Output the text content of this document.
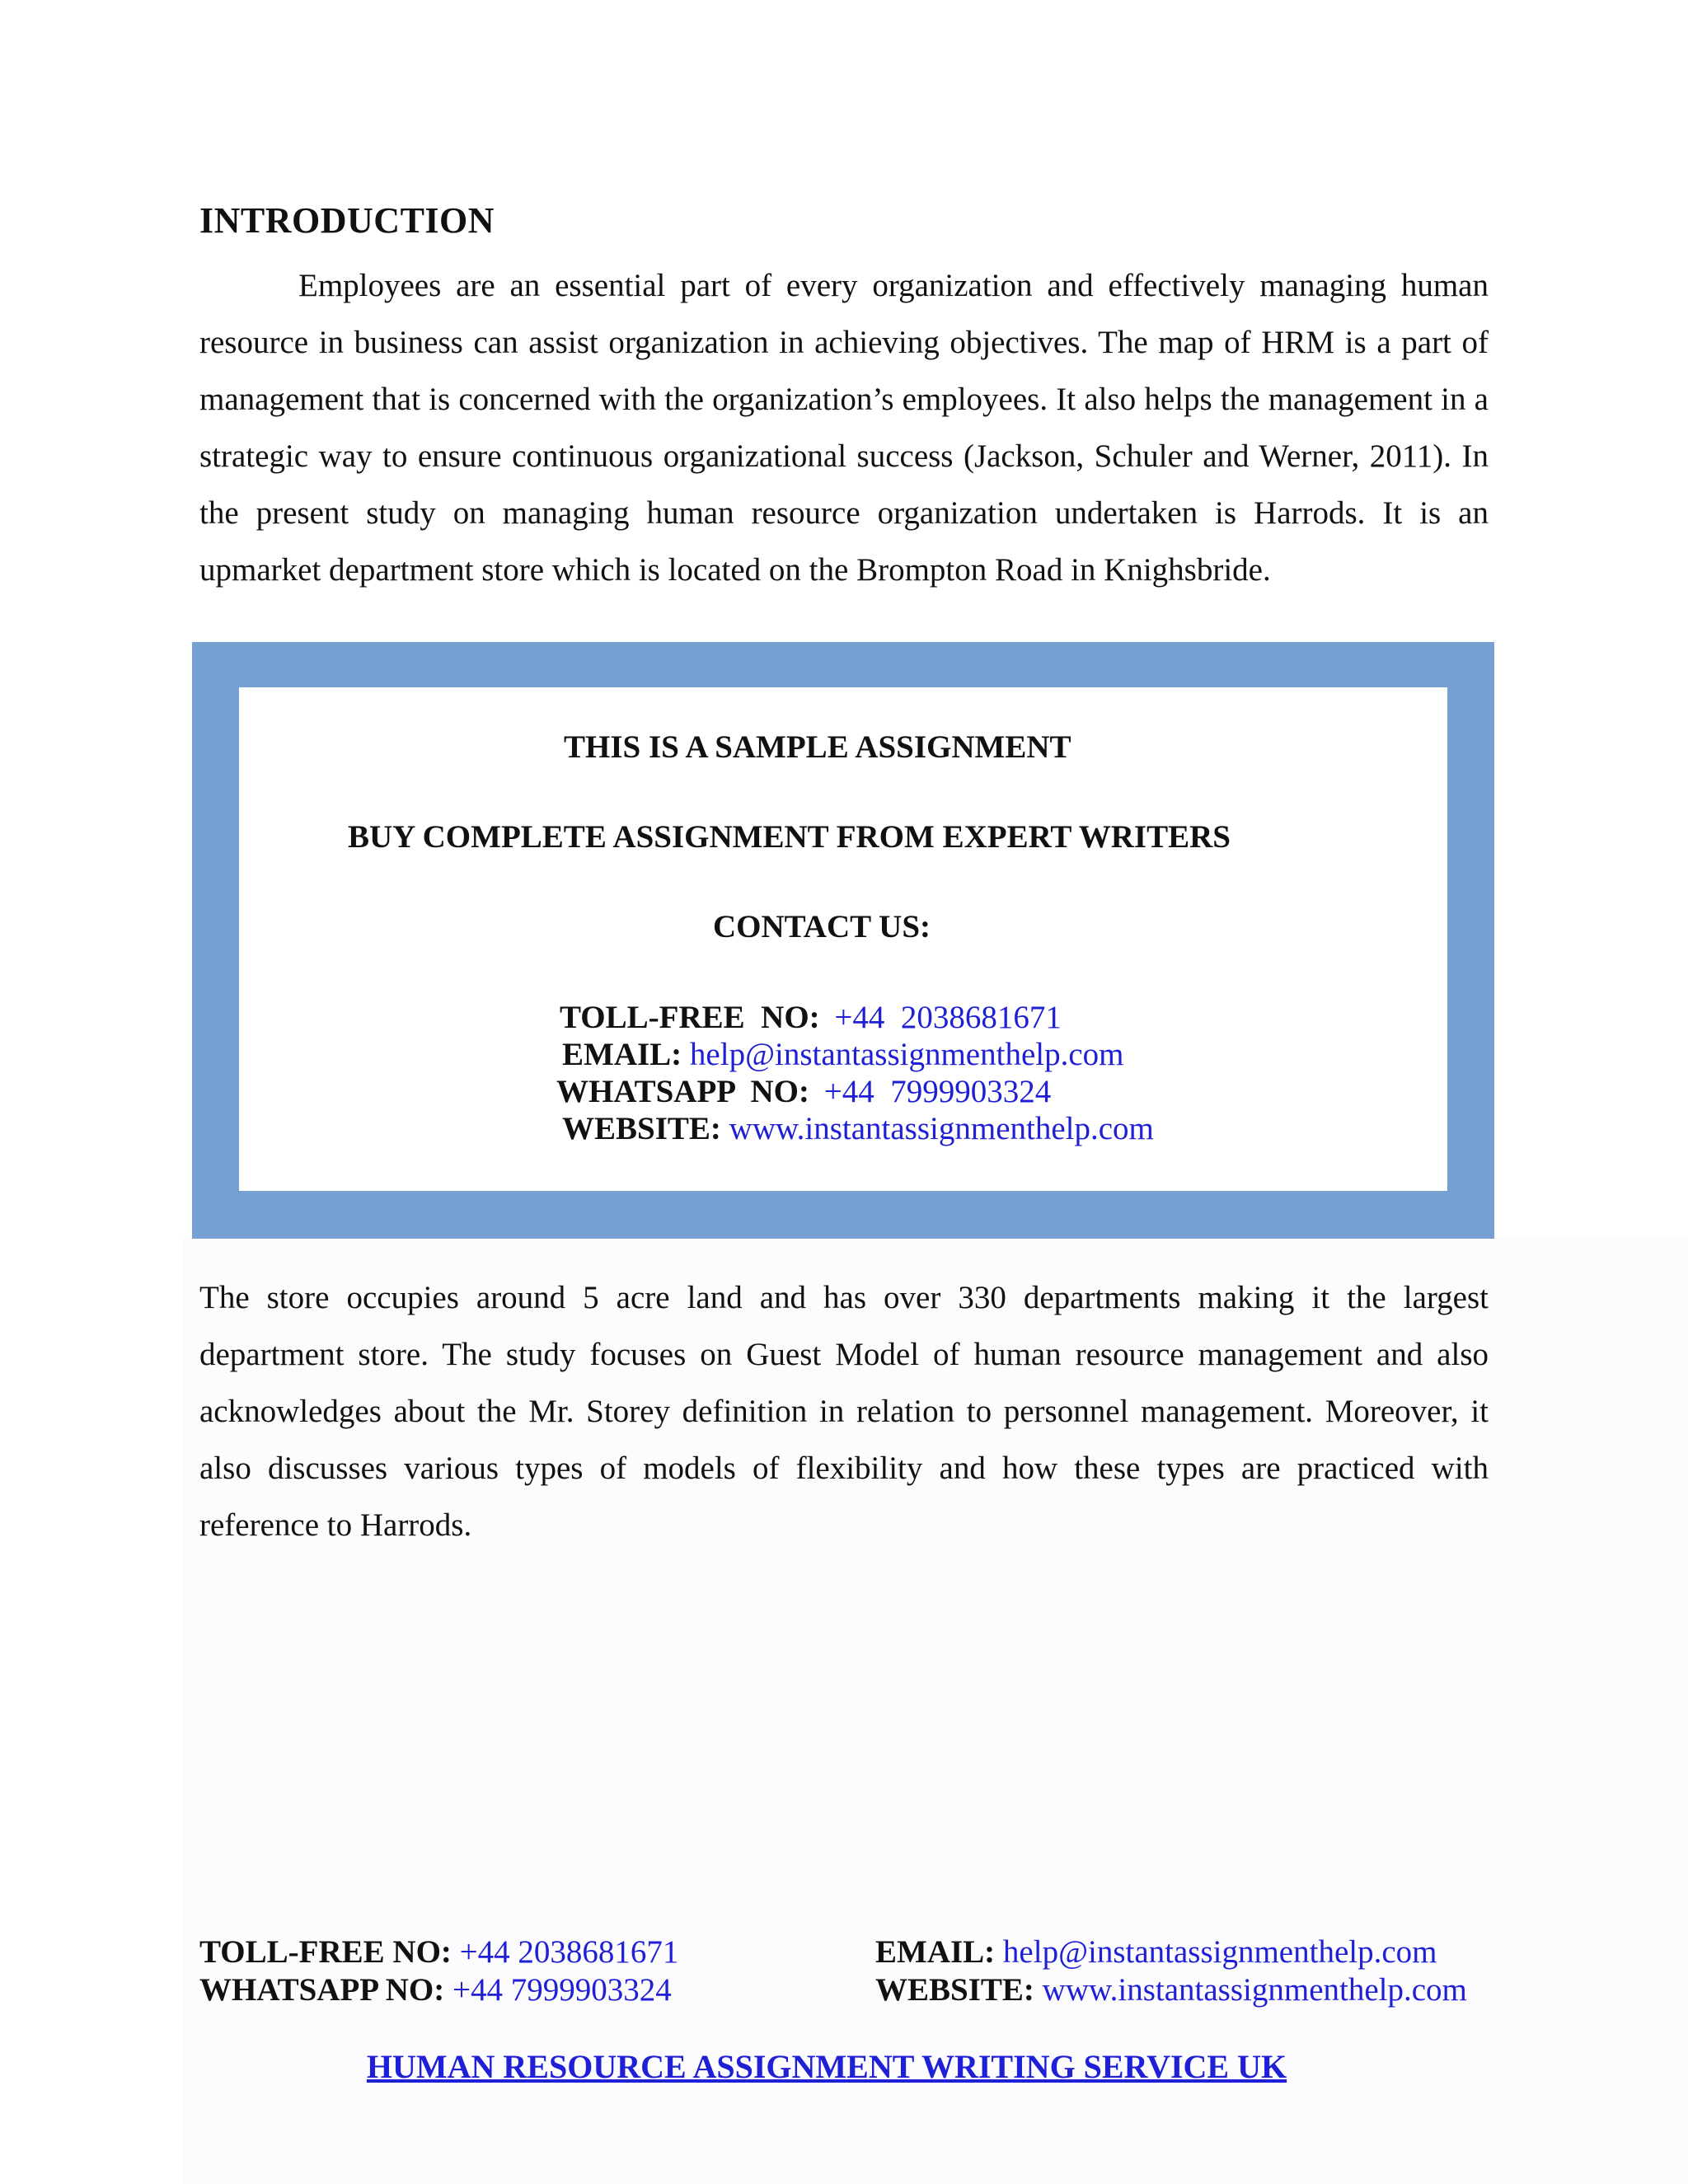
INTRODUCTION

Employees are an essential part of every organization and effectively managing human resource in business can assist organization in achieving objectives. The map of HRM is a part of management that is concerned with the organization’s employees. It also helps the management in a strategic way to ensure continuous organizational success (Jackson, Schuler and Werner, 2011). In the present study on managing human resource organization undertaken is Harrods. It is an upmarket department store which is located on the Brompton Road in Knighsbride.

THIS IS A SAMPLE ASSIGNMENT
BUY COMPLETE ASSIGNMENT FROM EXPERT WRITERS
CONTACT US:
TOLL-FREE  NO: +44  2038681671
EMAIL: help@instantassignmenthelp.com
WHATSAPP  NO: +44  7999903324
WEBSITE: www.instantassignmenthelp.com

The store occupies around 5 acre land and has over 330 departments making it the largest department store. The study focuses on Guest Model of human resource management and also acknowledges about the Mr. Storey definition in relation to personnel management. Moreover, it also discusses various types of models of flexibility and how these types are practiced with reference to Harrods.

TOLL-FREE NO: +44 2038681671
WHATSAPP NO: +44 7999903324
EMAIL: help@instantassignmenthelp.com
WEBSITE: www.instantassignmenthelp.com
HUMAN RESOURCE ASSIGNMENT WRITING SERVICE UK
